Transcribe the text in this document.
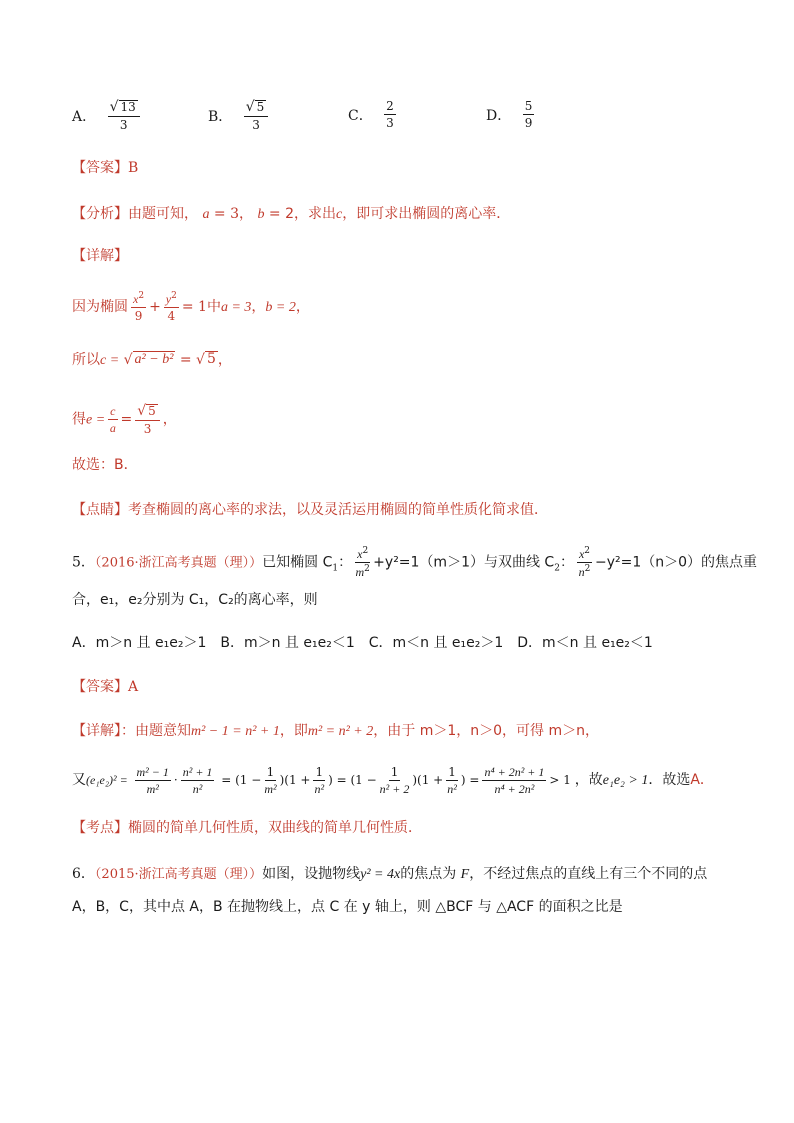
A． $\frac{√ 13}{3}$	B． $\frac{√ 5}{3}$	C． $\frac{2}{3}$	D． $\frac{5}{9}$
【答案】B
【分析】由题可知， a = 3， b = 2，求出c，即可求出椭圆的离心率．
【详解】
因为椭圆 $\frac{x^2}{9} + \frac{y^2}{4} = 1$中a = 3，b = 2，
所以c = √ a² − b² = √ 5 ，
得$e = \frac{c}{a} = \frac{√ 5}{3}$ ，
故选：B．
【点睛】考查椭圆的离心率的求法，以及灵活运用椭圆的简单性质化简求值．
5．（2016·浙江高考真题（理））已知椭圆 $C_1$： $\frac{x^2}{m^2} +y^2=1(m>1)$与双曲线 $C_2$： $\frac{x^2}{n^2} -y^2=1(n>0)$的焦点重
合，e₁，e₂分别为 C₁，C₂的离心率，则
A．m＞n 且 e₁e₂＞1　B．m＞n 且 e₁e₂＜1　C．m＜n 且 e₁e₂＞1　D．m＜n 且 e₁e₂＜1
【答案】A
【详解】：由题意知m² − 1 = n² + 1，即m² = n² + 2，由于 m＞1，n＞0，可得 m＞n，
又$(e_1e_2)^2 = \frac{\text{m² − 1}}{\text{m²}} \cdot \frac{\text{n² + 1}}{\text{n²}} = (1 - \frac{1}{\text{m²}} )(1 + \frac{1}{\text{n²}}$ ) = $(1 - \frac{1}{\text{n² + 2}} )(1 + \frac{1}{\text{n²}}$ ) = $\frac{\text{n⁴ + 2n² + 1}}{\text{n⁴ + 2n²}} > 1$ ，故e₁e₂ > 1．故选A．
【考点】椭圆的简单几何性质，双曲线的简单几何性质．
6．（2015·浙江高考真题（理））如图，设抛物线y² = 4x的焦点为 F，不经过焦点的直线上有三个不同的点
A，B，C，其中点 A，B 在抛物线上，点 C 在 y 轴上，则 △BCF 与 △ACF 的面积之比是
